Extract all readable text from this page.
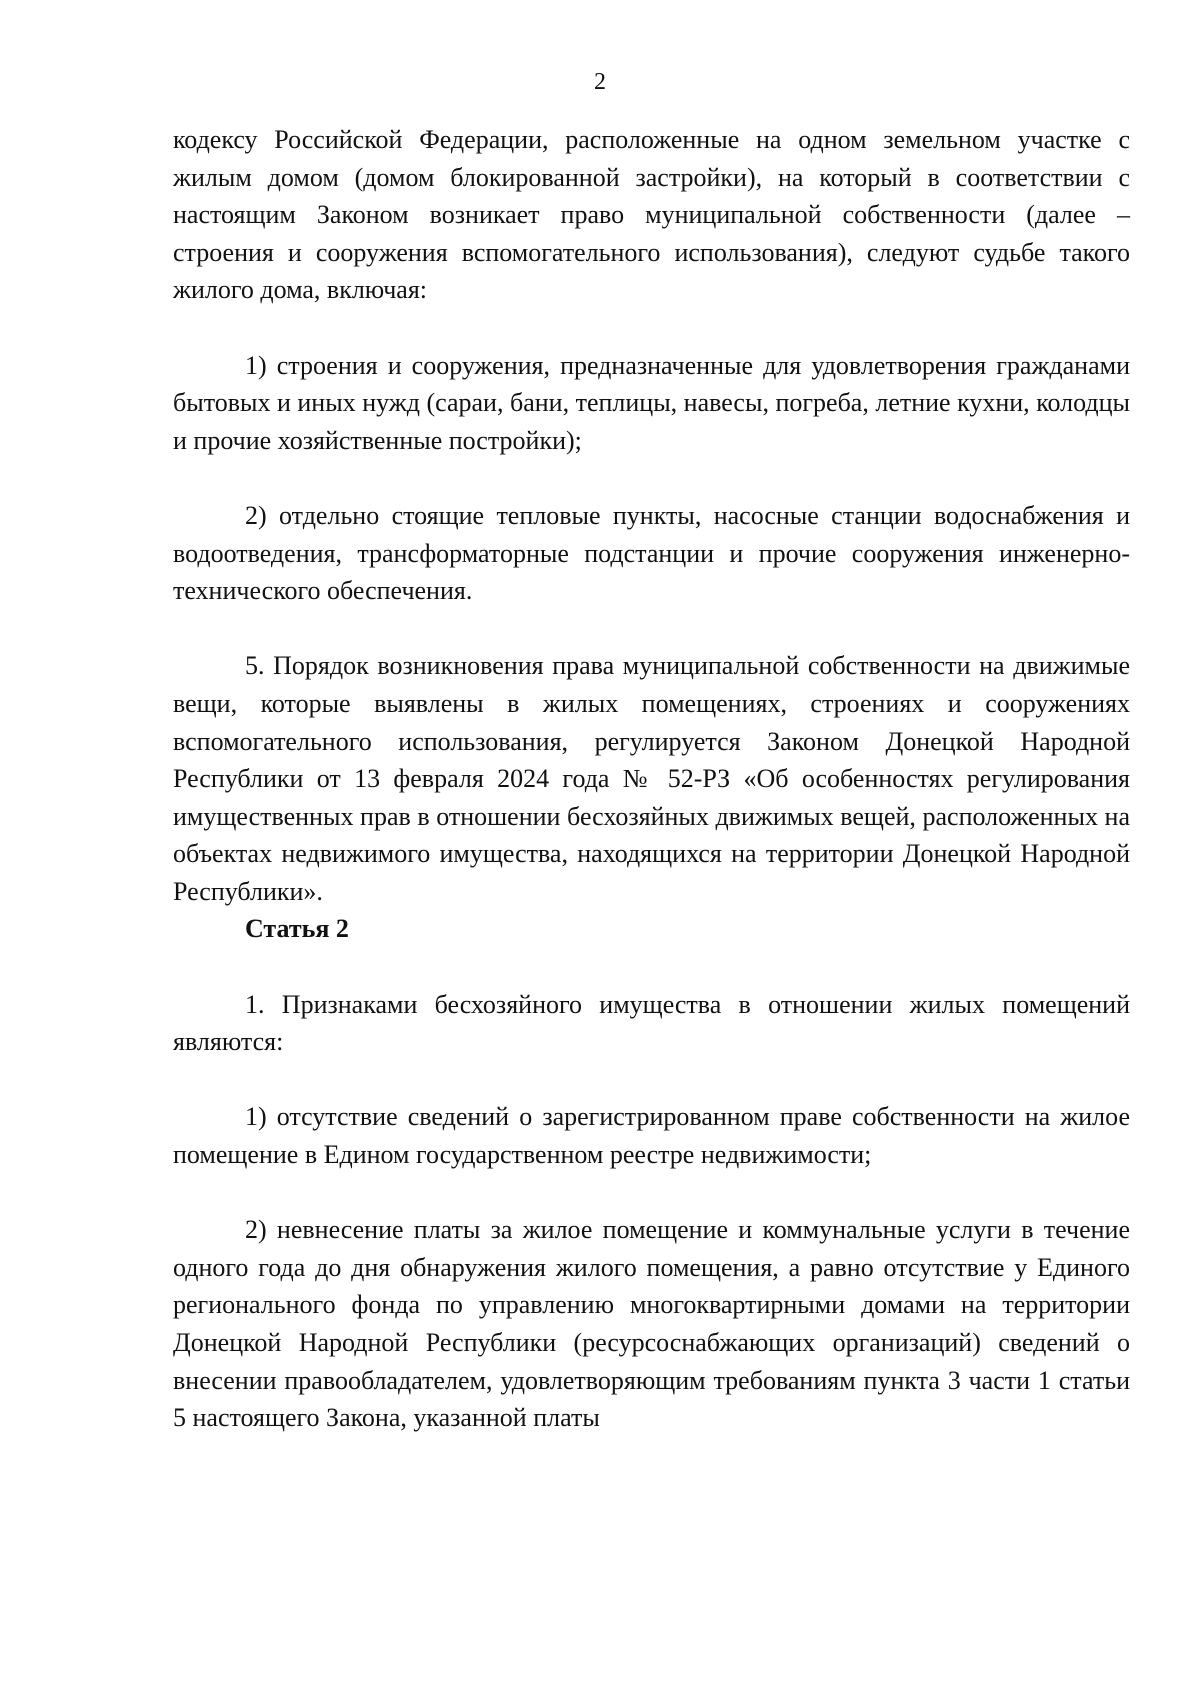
2

кодексу Российской Федерации, расположенные на одном земельном участке с жилым домом (домом блокированной застройки), на который в соответствии с настоящим Законом возникает право муниципальной собственности (далее – строения и сооружения вспомогательного использования), следуют судьбе такого жилого дома, включая:

1) строения и сооружения, предназначенные для удовлетворения гражданами бытовых и иных нужд (сараи, бани, теплицы, навесы, погреба, летние кухни, колодцы и прочие хозяйственные постройки);

2) отдельно стоящие тепловые пункты, насосные станции водоснабжения и водоотведения, трансформаторные подстанции и прочие сооружения инженерно-технического обеспечения.

5. Порядок возникновения права муниципальной собственности на движимые вещи, которые выявлены в жилых помещениях, строениях и сооружениях вспомогательного использования, регулируется Законом Донецкой Народной Республики от 13 февраля 2024 года № 52-РЗ «Об особенностях регулирования имущественных прав в отношении бесхозяйных движимых вещей, расположенных на объектах недвижимого имущества, находящихся на территории Донецкой Народной Республики».

Статья 2

1. Признаками бесхозяйного имущества в отношении жилых помещений являются:

1) отсутствие сведений о зарегистрированном праве собственности на жилое помещение в Едином государственном реестре недвижимости;

2) невнесение платы за жилое помещение и коммунальные услуги в течение одного года до дня обнаружения жилого помещения, а равно отсутствие у Единого регионального фонда по управлению многоквартирными домами на территории Донецкой Народной Республики (ресурсоснабжающих организаций) сведений о внесении правообладателем, удовлетворяющим требованиям пункта 3 части 1 статьи 5 настоящего Закона, указанной платы
